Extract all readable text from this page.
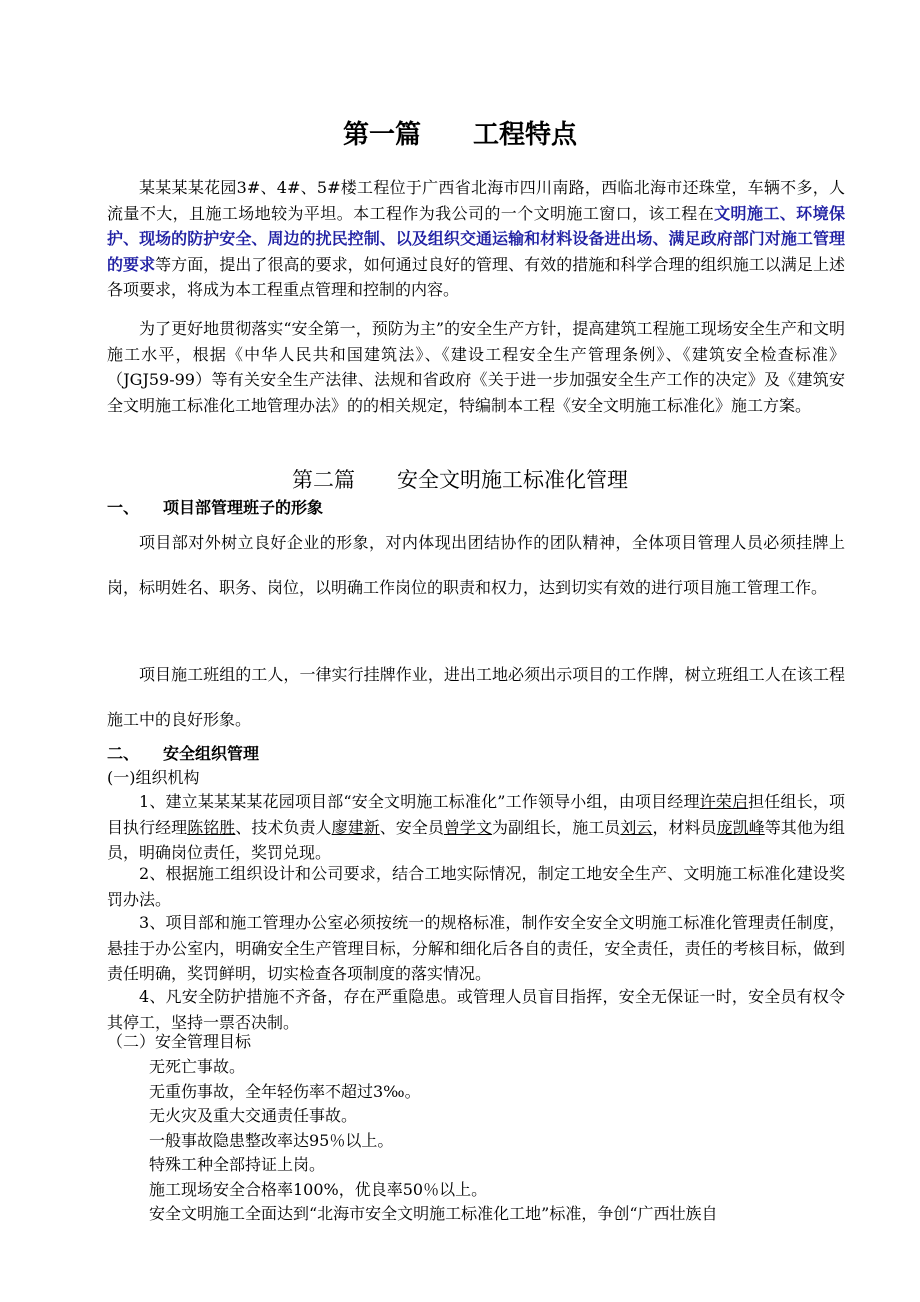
第一篇　　工程特点

某某某某花园3#、4#、5#楼工程位于广西省北海市四川南路，西临北海市还珠堂，车辆不多，人流量不大，且施工场地较为平坦。本工程作为我公司的一个文明施工窗口，该工程在文明施工、环境保护、现场的防护安全、周边的扰民控制、以及组织交通运输和材料设备进出场、满足政府部门对施工管理的要求等方面，提出了很高的要求，如何通过良好的管理、有效的措施和科学合理的组织施工以满足上述各项要求，将成为本工程重点管理和控制的内容。

为了更好地贯彻落实“安全第一，预防为主”的安全生产方针，提高建筑工程施工现场安全生产和文明施工水平，根据《中华人民共和国建筑法》、《建设工程安全生产管理条例》、《建筑安全检查标准》（JGJ59-99）等有关安全生产法律、法规和省政府《关于进一步加强安全生产工作的决定》及《建筑安全文明施工标准化工地管理办法》的的相关规定，特编制本工程《安全文明施工标准化》施工方案。

第二篇　　安全文明施工标准化管理
一、　　项目部管理班子的形象

项目部对外树立良好企业的形象，对内体现出团结协作的团队精神，全体项目管理人员必须挂牌上岗，标明姓名、职务、岗位，以明确工作岗位的职责和权力，达到切实有效的进行项目施工管理工作。

项目施工班组的工人，一律实行挂牌作业，进出工地必须出示项目的工作牌，树立班组工人在该工程施工中的良好形象。

二、　　安全组织管理
(一)组织机构

1、建立某某某某花园项目部“安全文明施工标准化”工作领导小组，由项目经理许荣启担任组长，项目执行经理陈铭胜、技术负责人廖建新、安全员曾学文为副组长，施工员刘云，材料员庞凯峰等其他为组员，明确岗位责任，奖罚兑现。

2、根据施工组织设计和公司要求，结合工地实际情况，制定工地安全生产、文明施工标准化建设奖罚办法。

3、项目部和施工管理办公室必须按统一的规格标准，制作安全安全文明施工标准化管理责任制度，悬挂于办公室内，明确安全生产管理目标，分解和细化后各自的责任，安全责任，责任的考核目标，做到责任明确，奖罚鲜明，切实检查各项制度的落实情况。

4、凡安全防护措施不齐备，存在严重隐患。或管理人员盲目指挥，安全无保证一时，安全员有权令其停工，坚持一票否决制。

（二）安全管理目标
无死亡事故。
无重伤事故，全年轻伤率不超过3‰。
无火灾及重大交通责任事故。
一般事故隐患整改率达95％以上。
特殊工种全部持证上岗。
施工现场安全合格率100%，优良率50％以上。
安全文明施工全面达到“北海市安全文明施工标准化工地”标准，争创“广西壮族自
